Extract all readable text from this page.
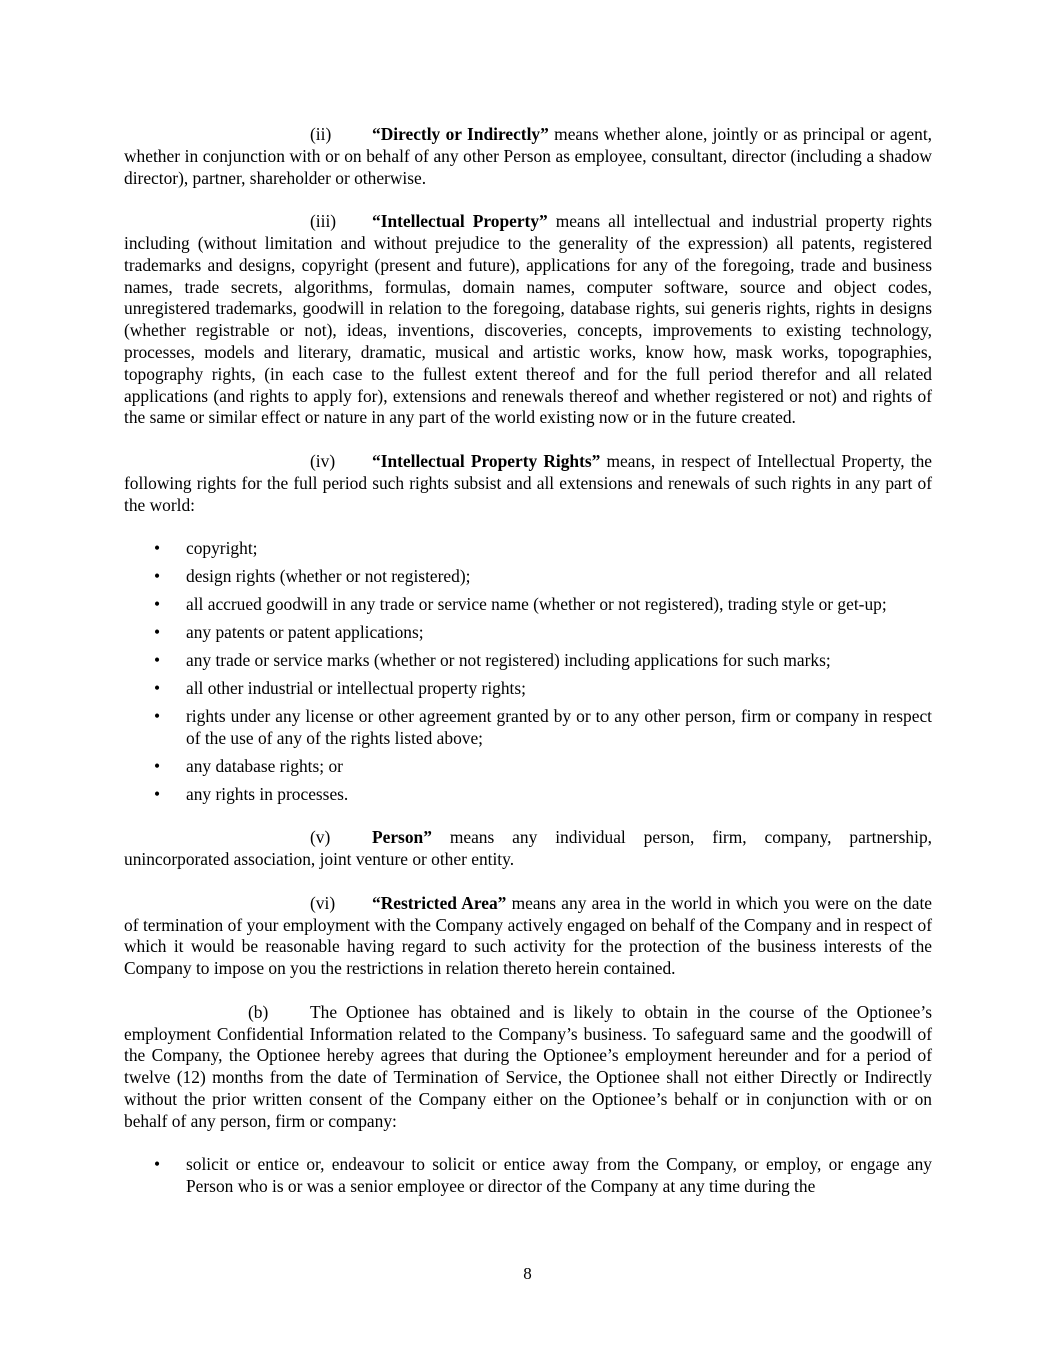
(ii) “Directly or Indirectly” means whether alone, jointly or as principal or agent, whether in conjunction with or on behalf of any other Person as employee, consultant, director (including a shadow director), partner, shareholder or otherwise.

(iii) “Intellectual Property” means all intellectual and industrial property rights including (without limitation and without prejudice to the generality of the expression) all patents, registered trademarks and designs, copyright (present and future), applications for any of the foregoing, trade and business names, trade secrets, algorithms, formulas, domain names, computer software, source and object codes, unregistered trademarks, goodwill in relation to the foregoing, database rights, sui generis rights, rights in designs (whether registrable or not), ideas, inventions, discoveries, concepts, improvements to existing technology, processes, models and literary, dramatic, musical and artistic works, know how, mask works, topographies, topography rights, (in each case to the fullest extent thereof and for the full period therefor and all related applications (and rights to apply for), extensions and renewals thereof and whether registered or not) and rights of the same or similar effect or nature in any part of the world existing now or in the future created.

(iv) “Intellectual Property Rights” means, in respect of Intellectual Property, the following rights for the full period such rights subsist and all extensions and renewals of such rights in any part of the world:

• copyright;
• design rights (whether or not registered);
• all accrued goodwill in any trade or service name (whether or not registered), trading style or get-up;
• any patents or patent applications;
• any trade or service marks (whether or not registered) including applications for such marks;
• all other industrial or intellectual property rights;
• rights under any license or other agreement granted by or to any other person, firm or company in respect of the use of any of the rights listed above;
• any database rights; or
• any rights in processes.

(v) Person” means any individual person, firm, company, partnership, unincorporated association, joint venture or other entity.

(vi) “Restricted Area” means any area in the world in which you were on the date of termination of your employment with the Company actively engaged on behalf of the Company and in respect of which it would be reasonable having regard to such activity for the protection of the business interests of the Company to impose on you the restrictions in relation thereto herein contained.

(b) The Optionee has obtained and is likely to obtain in the course of the Optionee’s employment Confidential Information related to the Company’s business. To safeguard same and the goodwill of the Company, the Optionee hereby agrees that during the Optionee’s employment hereunder and for a period of twelve (12) months from the date of Termination of Service, the Optionee shall not either Directly or Indirectly without the prior written consent of the Company either on the Optionee’s behalf or in conjunction with or on behalf of any person, firm or company:

• solicit or entice or, endeavour to solicit or entice away from the Company, or employ, or engage any Person who is or was a senior employee or director of the Company at any time during the
8
